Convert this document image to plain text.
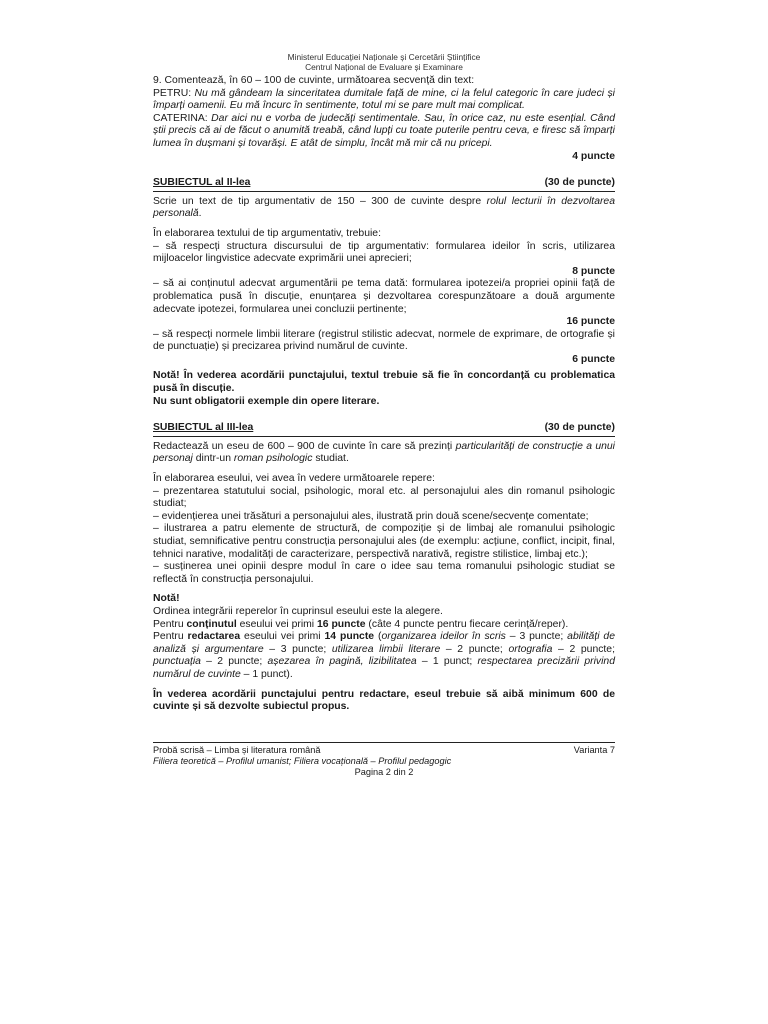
Ministerul Educației Naționale și Cercetării Științifice
Centrul Național de Evaluare și Examinare

9. Comentează, în 60 – 100 de cuvinte, următoarea secvență din text:

PETRU: Nu mă gândeam la sinceritatea dumitale față de mine, ci la felul categoric în care judeci și împarți oamenii. Eu mă încurc în sentimente, totul mi se pare mult mai complicat.

CATERINA: Dar aici nu e vorba de judecăți sentimentale. Sau, în orice caz, nu este esențial. Când știi precis că ai de făcut o anumită treabă, când lupți cu toate puterile pentru ceva, e firesc să împarți lumea în dușmani și tovarăși. E atât de simplu, încât mă mir că nu pricepi.

4 puncte
SUBIECTUL al II-lea	(30 de puncte)

Scrie un text de tip argumentativ de 150 – 300 de cuvinte despre rolul lecturii în dezvoltarea personală.

În elaborarea textului de tip argumentativ, trebuie:

– să respecți structura discursului de tip argumentativ: formularea ideilor în scris, utilizarea mijloacelor lingvistice adecvate exprimării unei aprecieri;

8 puncte

– să ai conținutul adecvat argumentării pe tema dată: formularea ipotezei/a propriei opinii față de problematica pusă în discuție, enunțarea și dezvoltarea corespunzătoare a două argumente adecvate ipotezei, formularea unei concluzii pertinente;

16 puncte

– să respecți normele limbii literare (registrul stilistic adecvat, normele de exprimare, de ortografie și de punctuație) și precizarea privind numărul de cuvinte.

6 puncte

Notă! În vederea acordării punctajului, textul trebuie să fie în concordanță cu problematica pusă în discuție.

Nu sunt obligatorii exemple din opere literare.

SUBIECTUL al III-lea	(30 de puncte)

Redactează un eseu de 600 – 900 de cuvinte în care să prezinți particularități de construcție a unui personaj dintr-un roman psihologic studiat.

În elaborarea eseului, vei avea în vedere următoarele repere:

– prezentarea statutului social, psihologic, moral etc. al personajului ales din romanul psihologic studiat;

– evidențierea unei trăsături a personajului ales, ilustrată prin două scene/secvențe comentate;

– ilustrarea a patru elemente de structură, de compoziție și de limbaj ale romanului psihologic studiat, semnificative pentru construcția personajului ales (de exemplu: acțiune, conflict, incipit, final, tehnici narative, modalități de caracterizare, perspectivă narativă, registre stilistice, limbaj etc.);

– susținerea unei opinii despre modul în care o idee sau tema romanului psihologic studiat se reflectă în construcția personajului.

Notă!

Ordinea integrării reperelor în cuprinsul eseului este la alegere.

Pentru conținutul eseului vei primi 16 puncte (câte 4 puncte pentru fiecare cerință/reper).

Pentru redactarea eseului vei primi 14 puncte (organizarea ideilor în scris – 3 puncte; abilități de analiză și argumentare – 3 puncte; utilizarea limbii literare – 2 puncte; ortografia – 2 puncte; punctuația – 2 puncte; așezarea în pagină, lizibilitatea – 1 punct; respectarea precizării privind numărul de cuvinte – 1 punct).

În vederea acordării punctajului pentru redactare, eseul trebuie să aibă minimum 600 de cuvinte și să dezvolte subiectul propus.

Probă scrisă – Limba și literatura română	Varianta 7
Filiera teoretică – Profilul umanist; Filiera vocațională – Profilul pedagogic
Pagina 2 din 2
